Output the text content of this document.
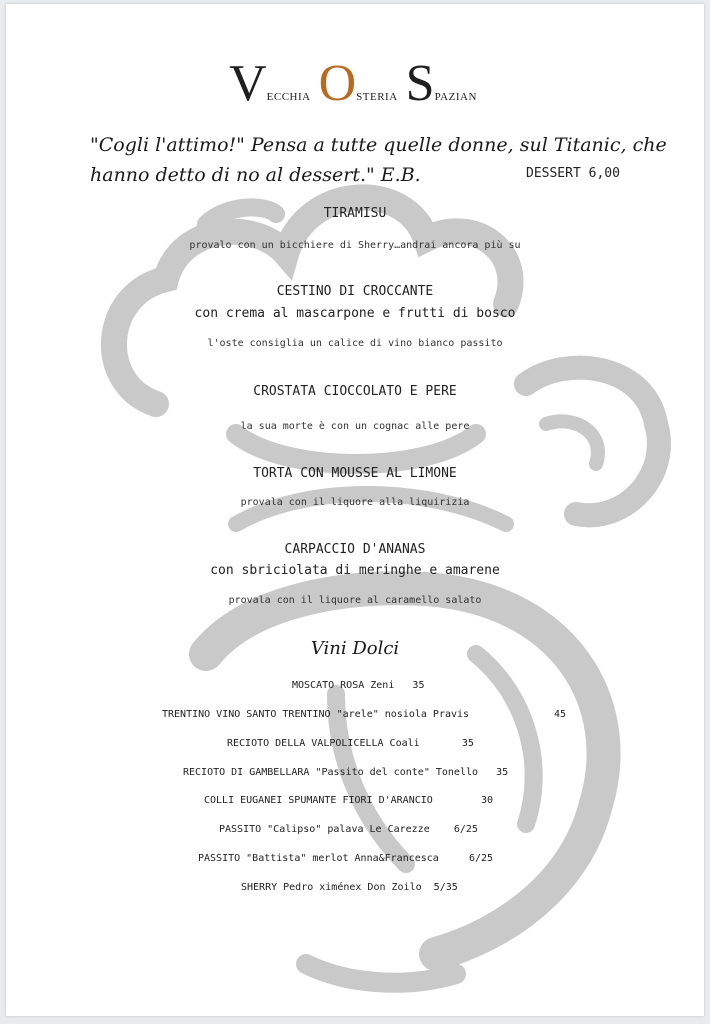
VECCHIA OSTERIA SPAZIAN
"Cogli l'attimo!" Pensa a tutte quelle donne, sul Titanic, che hanno detto di no al dessert." E.B.	DESSERT 6,00
TIRAMISU
provalo con un bicchiere di Sherry…andrai ancora più su
CESTINO DI CROCCANTE
con crema al mascarpone e frutti di bosco
l'oste consiglia un calice di vino bianco passito
CROSTATA CIOCCOLATO E PERE
la sua morte è con un cognac alle pere
TORTA CON MOUSSE AL LIMONE
provala con il liquore alla liquirizia
CARPACCIO D'ANANAS
con sbriciolata di meringhe e amarene
provala con il liquore al caramello salato
Vini Dolci
MOSCATO ROSA Zeni 35
TRENTINO VINO SANTO TRENTINO "arele" nosiola Pravis	45
RECIOTO DELLA VALPOLICELLA Coali	35
RECIOTO DI GAMBELLARA "Passito del conte" Tonello 35
COLLI EUGANEI SPUMANTE FIORI D'ARANCIO	30
PASSITO "Calipso" palava Le Carezze 6/25
PASSITO "Battista" merlot Anna&Francesca	6/25
SHERRY Pedro ximénex Don Zoilo 5/35
